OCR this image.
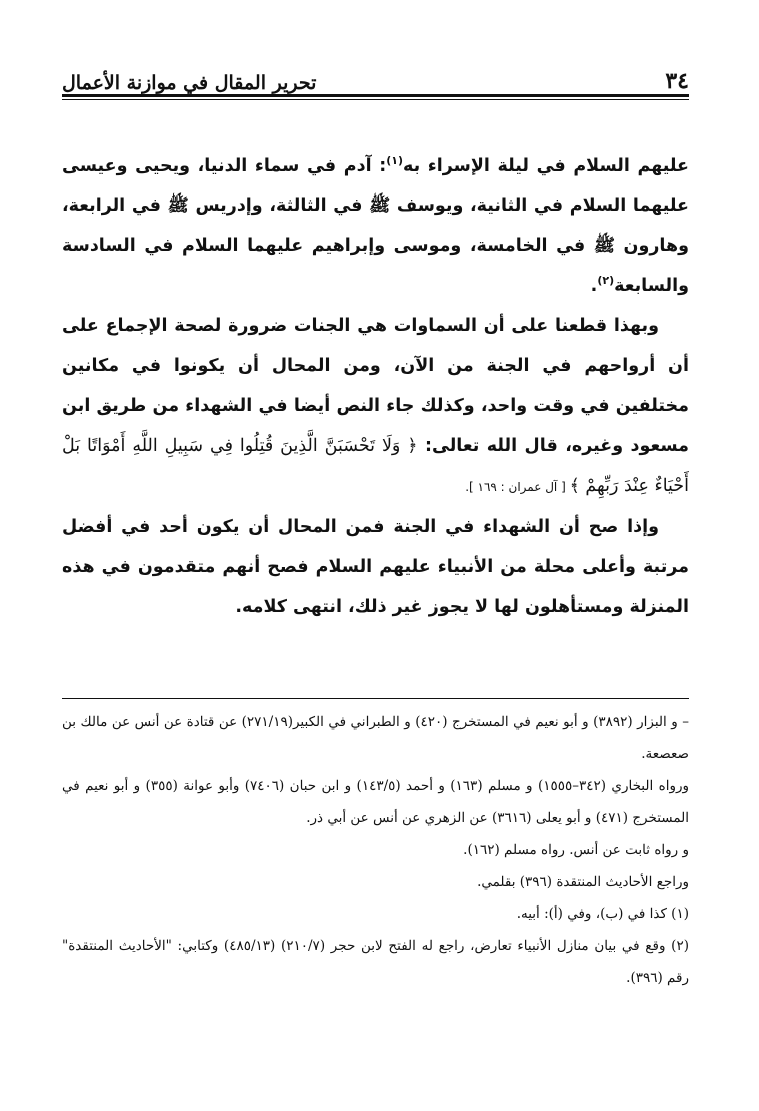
٣٤
تحرير المقال في موازنة الأعمال

عليهم السلام في ليلة الإسراء به$^{(١)}$: آدم في سماء الدنيا، ويحيى وعيسى عليهما السلام في الثانية، ويوسف ﷺ في الثالثة، وإدريس ﷺ في الرابعة، وهارون ﷺ في الخامسة، وموسى وإبراهيم عليهما السلام في السادسة والسابعة$^{(٢)}$.

وبهذا قطعنا على أن السماوات هي الجنات ضرورة لصحة الإجماع على أن أرواحهم في الجنة من الآن، ومن المحال أن يكونوا في مكانين مختلفين في وقت واحد، وكذلك جاء النص أيضا في الشهداء من طريق ابن مسعود وغيره، قال الله تعالى: ﴿ وَلَا تَحْسَبَنَّ الَّذِينَ قُتِلُوا فِي سَبِيلِ اللَّهِ أَمْوَاتًا بَلْ أَحْيَاءٌ عِنْدَ رَبِّهِمْ ﴾ [ آل عمران : ١٦٩ ].

وإذا صح أن الشهداء في الجنة فمن المحال أن يكون أحد في أفضل مرتبة وأعلى محلة من الأنبياء عليهم السلام فصح أنهم متقدمون في هذه المنزلة ومستأهلون لها لا يجوز غير ذلك، انتهى كلامه.

– و البزار (٣٨٩٢) و أبو نعيم في المستخرج (٤٢٠) و الطبراني في الكبير(٢٧١/١٩) عن قتادة عن أنس عن مالك بن صعصعة.

ورواه البخاري (٣٤٢–١٥٥٥) و مسلم (١٦٣) و أحمد (١٤٣/٥) و ابن حبان (٧٤٠٦) وأبو عوانة (٣٥٥) و أبو نعيم في المستخرج (٤٧١) و أبو يعلى (٣٦١٦) عن الزهري عن أنس عن أبي ذر.

و رواه ثابت عن أنس. رواه مسلم (١٦٢).

وراجع الأحاديث المنتقدة (٣٩٦) بقلمي.

(١) كذا في (ب)، وفي (أ): أبيه.

(٢) وقع في بيان منازل الأنبياء تعارض، راجع له الفتح لابن حجر (٢١٠/٧) (٤٨٥/١٣) وكتابي: "الأحاديث المنتقدة" رقم (٣٩٦).
